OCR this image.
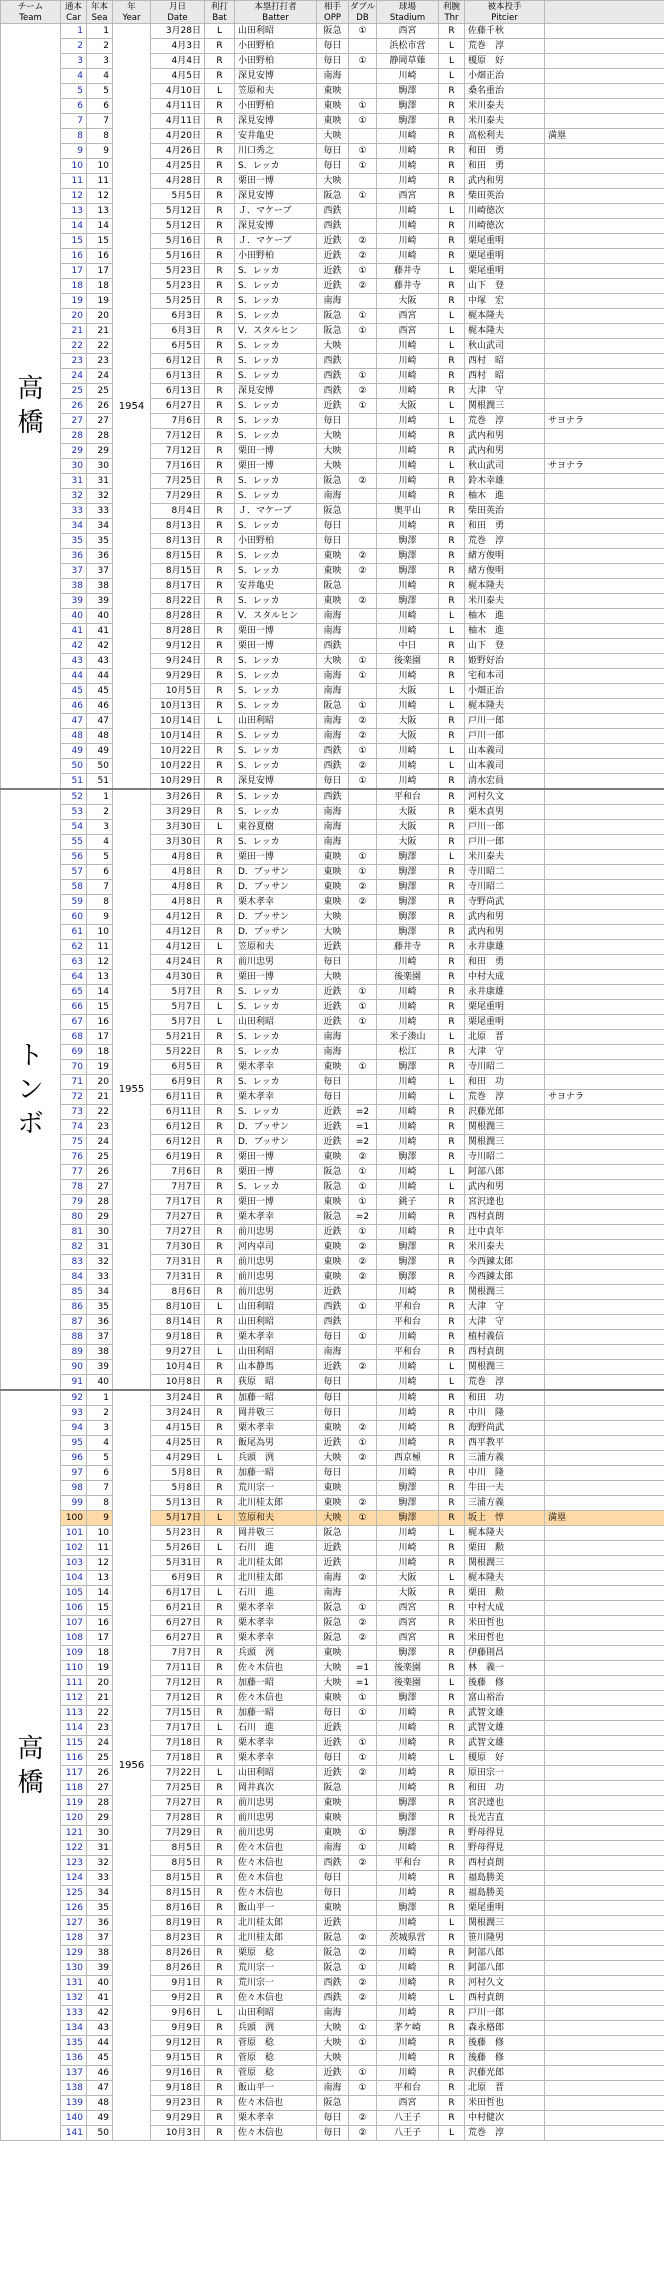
チーム	通本	年本	年	月日	利打	本塁打打者	相手	ダブル	球場	利腕	被本投手	
Team	Car	Sea	Year	Date	Bat	Batter	OPP	DB	Stadium	Thr	Pitcier	

高
橋	1	1	1954	3月28日	L	山田利昭	阪急	①	西宮	R	佐藤千秋	
	2	2		4月3日	R	小田野柏	毎日		浜松市営	L	荒巻　淳	
	3	3		4月4日	R	小田野柏	毎日	①	静岡草薙	L	榎原　好	
	4	4		4月5日	R	深見安博	南海		川崎	L	小畑正治	
	5	5		4月10日	L	笠原和夫	東映		駒澤	R	桑名重治	
	6	6		4月11日	R	小田野柏	東映	①	駒澤	R	米川泰夫	
	7	7		4月11日	R	深見安博	東映	①	駒澤	R	米川泰夫	
	8	8		4月20日	R	安井亀史	大映		川崎	R	高松利夫	満塁
	9	9		4月26日	R	川口秀之	毎日	①	川崎	R	和田　勇	
	10	10		4月25日	R	S．レッカ	毎日	①	川崎	R	和田　勇	
	11	11		4月28日	R	栗田一博	大映		川崎	R	武内和男	
	12	12		5月5日	R	深見安博	阪急	①	西宮	R	柴田英治	
	13	13		5月12日	R	Ｊ．マケーブ	西鉄		川崎	L	川崎徳次	
	14	14		5月12日	R	深見安博	西鉄		川崎	R	川崎徳次	
	15	15		5月16日	R	Ｊ．マケーブ	近鉄	②	川崎	R	栗尾重明	
	16	16		5月16日	R	小田野柏	近鉄	②	川崎	R	栗尾重明	
	17	17		5月23日	R	S．レッカ	近鉄	①	藤井寺	L	栗尾重明	
	18	18		5月23日	R	S．レッカ	近鉄	②	藤井寺	R	山下　登	
	19	19		5月25日	R	S．レッカ	南海		大阪	R	中塚　宏	
	20	20		6月3日	R	S．レッカ	阪急	①	西宮	L	梶本隆夫	
	21	21		6月3日	R	V．スタルヒン	阪急	①	西宮	L	梶本隆夫	
	22	22		6月5日	R	S．レッカ	大映		川崎	L	秋山武司	
	23	23		6月12日	R	S．レッカ	西鉄		川崎	R	西村　昭	
	24	24		6月13日	R	S．レッカ	西鉄	①	川崎	R	西村　昭	
	25	25		6月13日	R	深見安博	西鉄	②	川崎	R	大津　守	
	26	26		6月27日	R	S．レッカ	近鉄	①	大阪	L	関根潤三	
	27	27		7月6日	R	S．レッカ	毎日		川崎	L	荒巻　淳	サヨナラ
	28	28		7月12日	R	S．レッカ	大映		川崎	R	武内和男	
	29	29		7月12日	R	栗田一博	大映		川崎	R	武内和男	
	30	30		7月16日	R	栗田一博	大映		川崎	L	秋山武司	サヨナラ
	31	31		7月25日	R	S．レッカ	阪急	②	川崎	R	鈴木幸雄	
	32	32		7月29日	R	S．レッカ	南海		川崎	R	柚木　進	
	33	33		8月4日	R	Ｊ．マケーブ	阪急		奥平山	R	柴田英治	
	34	34		8月13日	R	S．レッカ	毎日		川崎	R	和田　勇	
	35	35		8月13日	R	小田野柏	毎日		駒澤	R	荒巻　淳	
	36	36		8月15日	R	S．レッカ	東映	②	駒澤	R	緒方俊明	
	37	37		8月15日	R	S．レッカ	東映	②	駒澤	R	緒方俊明	
	38	38		8月17日	R	安井亀史	阪急		川崎	R	梶本隆夫	
	39	39		8月22日	R	S．レッカ	東映	②	駒澤	R	米川泰夫	
	40	40		8月28日	R	V．スタルヒン	南海		川崎	L	柚木　進	
	41	41		8月28日	R	栗田一博	南海		川崎	L	柚木　進	
	42	42		9月12日	R	栗田一博	西鉄		中日	R	山下　登	
	43	43		9月24日	R	S．レッカ	大映	①	後楽園	R	姫野好治	
	44	44		9月29日	R	S．レッカ	南海	①	川崎	R	宅和本司	
	45	45		10月5日	R	S．レッカ	南海		大阪	L	小畑正治	
	46	46		10月13日	R	S．レッカ	阪急	①	川崎	L	梶本隆夫	
	47	47		10月14日	L	山田利昭	南海	②	大阪	R	戸川一郎	
	48	48		10月14日	R	S．レッカ	南海	②	大阪	R	戸川一郎	
	49	49		10月22日	R	S．レッカ	西鉄	①	川崎	L	山本義司	
	50	50		10月22日	R	S．レッカ	西鉄	②	川崎	L	山本義司	
	51	51		10月29日	R	深見安博	毎日	①	川崎	R	清水宏員	

ト
ン
ボ	52	1	1955	3月26日	R	S．レッカ	西鉄		平和台	R	河村久文	
	53	2		3月29日	R	S．レッカ	南海		大阪	R	栗木貞男	
	54	3		3月30日	L	東谷夏樹	南海		大阪	R	戸川一郎	
	55	4		3月30日	R	S．レッカ	南海		大阪	R	戸川一郎	
	56	5		4月8日	R	栗田一博	東映	①	駒澤	L	米川泰夫	
	57	6		4月8日	R	D．ブッサン	東映	①	駒澤	R	寺川昭二	
	58	7		4月8日	R	D．ブッサン	東映	②	駒澤	R	寺川昭二	
	59	8		4月8日	R	栗木孝幸	東映	②	駒澤	R	寺野尚武	
	60	9		4月12日	R	D．ブッサン	大映		駒澤	R	武内和男	
	61	10		4月12日	R	D．ブッサン	大映		駒澤	R	武内和男	
	62	11		4月12日	L	笠原和夫	近鉄		藤井寺	R	永井康雄	
	63	12		4月24日	R	前川忠男	毎日		川崎	R	和田　勇	
	64	13		4月30日	R	栗田一博	大映		後楽園	R	中村大成	
	65	14		5月7日	R	S．レッカ	近鉄	①	川崎	R	永井康雄	
	66	15		5月7日	L	S．レッカ	近鉄	①	川崎	R	栗尾重明	
	67	16		5月7日	L	山田利昭	近鉄	①	川崎	R	栗尾重明	
	68	17		5月21日	R	S．レッカ	南海		米子湊山	L	北原　晋	
	69	18		5月22日	R	S．レッカ	南海		松江	R	大津　守	
	70	19		6月5日	R	栗木孝幸	東映	①	駒澤	R	寺川昭二	
	71	20		6月9日	R	S．レッカ	毎日		川崎	L	和田　功	
	72	21		6月11日	R	栗木孝幸	毎日		川崎	L	荒巻　淳	サヨナラ
	73	22		6月11日	R	S．レッカ	近鉄	=2	川崎	R	沢藤光郎	
	74	23		6月12日	R	D．ブッサン	近鉄	=1	川崎	R	関根潤三	
	75	24		6月12日	R	D．ブッサン	近鉄	=2	川崎	R	関根潤三	
	76	25		6月19日	R	栗田一博	東映	②	駒澤	R	寺川昭二	
	77	26		7月6日	R	栗田一博	阪急	①	川崎	L	阿部八郎	
	78	27		7月7日	R	S．レッカ	阪急	①	川崎	L	武内和男	
	79	28		7月17日	R	栗田一博	東映	①	銚子	R	宮沢達也	
	80	29		7月27日	R	栗木孝幸	阪急	=2	川崎	R	西村貞朗	
	81	30		7月27日	R	前川忠男	近鉄	①	川崎	R	辻中貞年	
	82	31		7月30日	R	河内卓司	東映	②	駒澤	R	米川泰夫	
	83	32		7月31日	R	前川忠男	東映	②	駒澤	R	今西錬太郎	
	84	33		7月31日	R	前川忠男	東映	②	駒澤	R	今西錬太郎	
	85	34		8月6日	R	前川忠男	近鉄		川崎	R	関根潤三	
	86	35		8月10日	L	山田利昭	西鉄	①	平和台	R	大津　守	
	87	36		8月14日	R	山田利昭	西鉄		平和台	R	大津　守	
	88	37		9月18日	R	栗木孝幸	毎日	①	川崎	R	植村義信	
	89	38		9月27日	L	山田利昭	南海		平和台	R	西村貞朗	
	90	39		10月4日	R	山本静馬	近鉄	②	川崎	L	関根潤三	
	91	40		10月8日	R	荻原　昭	毎日		川崎	L	荒巻　淳	

高
橋	92	1	1956	3月24日	R	加藤一昭	毎日		川崎	R	和田　功	
	93	2		3月24日	R	岡井敬三	毎日		川崎	R	中川　隆	
	94	3		4月15日	R	栗木孝幸	東映	②	川崎	R	海野尚武	
	95	4		4月25日	R	飯尾為男	近鉄	①	川崎	R	西平教平	
	96	5		4月29日	L	兵頭　洌	大映	②	西京極	R	三浦方義	
	97	6		5月8日	R	加藤一昭	毎日		川崎	R	中川　隆	
	98	7		5月8日	R	荒川宗一	東映		駒澤	R	牛田一夫	
	99	8		5月13日	R	北川桂太郎	東映	②	駒澤	R	三浦方義	
	100	9		5月17日	L	笠原和夫	大映	①	駒澤	R	坂上　惇	満塁
	101	10		5月23日	R	岡井敬三	阪急		川崎	L	梶本隆夫	
	102	11		5月26日	L	石川　進	近鉄		川崎	R	栗田　勲	
	103	12		5月31日	R	北川桂太郎	近鉄		川崎	R	関根潤三	
	104	13		6月9日	R	北川桂太郎	南海	②	大阪	L	梶本隆夫	
	105	14		6月17日	L	石川　進	南海		大阪	R	栗田　勲	
	106	15		6月21日	R	栗木孝幸	阪急	①	西宮	R	中村大成	
	107	16		6月27日	R	栗木孝幸	阪急	②	西宮	R	米田哲也	
	108	17		6月27日	R	栗木孝幸	阪急	②	西宮	R	米田哲也	
	109	18		7月7日	R	兵頭　洌	東映		駒澤	R	伊藤則昌	
	110	19		7月11日	R	佐々木信也	大映	=1	後楽園	R	林　義一	
	111	20		7月12日	R	加藤一昭	大映	=1	後楽園	L	後藤　修	
	112	21		7月12日	R	佐々木信也	東映	①	駒澤	R	富山裕治	
	113	22		7月15日	R	加藤一昭	毎日	①	川崎	R	武智文雄	
	114	23		7月17日	L	石川　進	近鉄		川崎	R	武智文雄	
	115	24		7月18日	R	栗木孝幸	近鉄	①	川崎	R	武智文雄	
	116	25		7月18日	R	栗木孝幸	毎日	①	川崎	L	榎原　好	
	117	26		7月22日	L	山田利昭	近鉄	②	川崎	R	原田宗一	
	118	27		7月25日	R	岡井真次	阪急		川崎	R	和田　功	
	119	28		7月27日	R	前川忠男	東映		駒澤	R	宮沢達也	
	120	29		7月28日	R	前川忠男	東映		駒澤	R	長光吉直	
	121	30		7月29日	R	前川忠男	東映	①	駒澤	R	野母得見	
	122	31		8月5日	R	佐々木信也	南海	①	川崎	R	野母得見	
	123	32		8月5日	R	佐々木信也	西鉄	②	平和台	R	西村貞朗	
	124	33		8月15日	R	佐々木信也	毎日		川崎	R	福島勝美	
	125	34		8月15日	R	佐々木信也	毎日		川崎	R	福島勝美	
	126	35		8月16日	R	飯山平一	東映		駒澤	R	栗尾重明	
	127	36		8月19日	R	北川桂太郎	近鉄		川崎	L	関根潤三	
	128	37		8月23日	R	北川桂太郎	阪急	②	茨城県営	R	笹川隆男	
	129	38		8月26日	R	栗原　稔	阪急	②	川崎	R	阿部八郎	
	130	39		8月26日	R	荒川宗一	阪急	①	川崎	R	阿部八郎	
	131	40		9月1日	R	荒川宗一	西鉄	②	川崎	R	河村久文	
	132	41		9月2日	R	佐々木信也	西鉄	②	川崎	L	西村貞朗	
	133	42		9月6日	L	山田利昭	南海		川崎	R	戸川一郎	
	134	43		9月9日	R	兵頭　洌	大映	①	茅ケ崎	R	森永格郎	
	135	44		9月12日	R	菅原　稔	大映	①	川崎	R	後藤　修	
	136	45		9月15日	R	菅原　稔	大映		川崎	R	後藤　修	
	137	46		9月16日	R	菅原　稔	近鉄	①	川崎	R	沢藤光郎	
	138	47		9月18日	R	飯山平一	南海	①	平和台	R	北原　晋	
	139	48		9月23日	R	佐々木信也	阪急		西宮	R	米田哲也	
	140	49		9月29日	R	栗木孝幸	毎日	②	八王子	R	中村健次	
	141	50		10月3日	R	佐々木信也	毎日	②	八王子	L	荒巻　淳	
